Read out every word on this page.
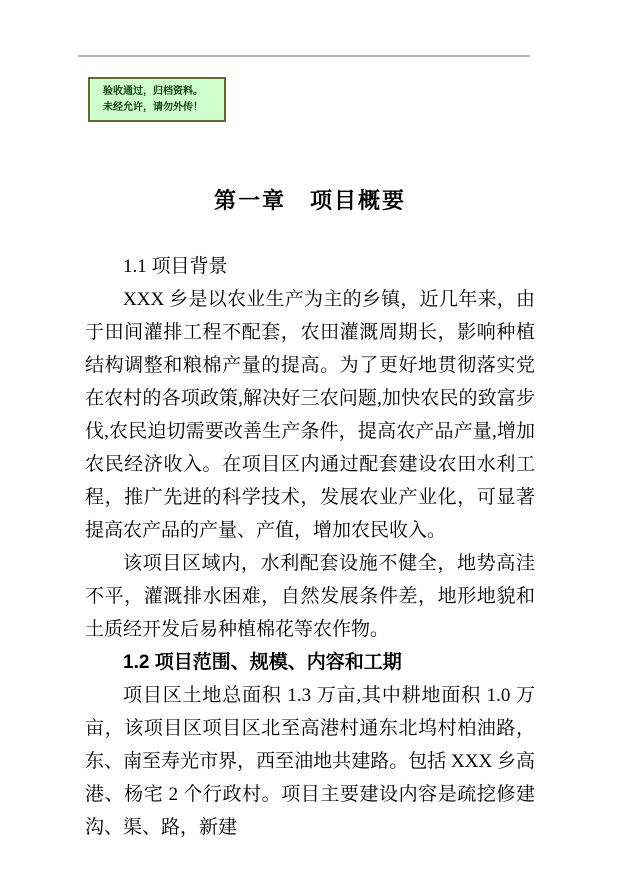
验收通过，归档资料。
未经允许，请勿外传！
第一章　项目概要

1.1 项目背景

XXX 乡是以农业生产为主的乡镇，近几年来，由于田间灌排工程不配套，农田灌溉周期长，影响种植结构调整和粮棉产量的提高。为了更好地贯彻落实党在农村的各项政策,解决好三农问题,加快农民的致富步伐,农民迫切需要改善生产条件，提高农产品产量,增加农民经济收入。在项目区内通过配套建设农田水利工程，推广先进的科学技术，发展农业产业化，可显著提高农产品的产量、产值，增加农民收入。

该项目区域内，水利配套设施不健全，地势高洼不平，灌溉排水困难，自然发展条件差，地形地貌和土质经开发后易种植棉花等农作物。

1.2 项目范围、规模、内容和工期

项目区土地总面积 1.3 万亩,其中耕地面积 1.0 万亩，该项目区项目区北至高港村通东北坞村柏油路，东、南至寿光市界，西至油地共建路。包括 XXX 乡高港、杨宅 2 个行政村。项目主要建设内容是疏挖修建沟、渠、路，新建
